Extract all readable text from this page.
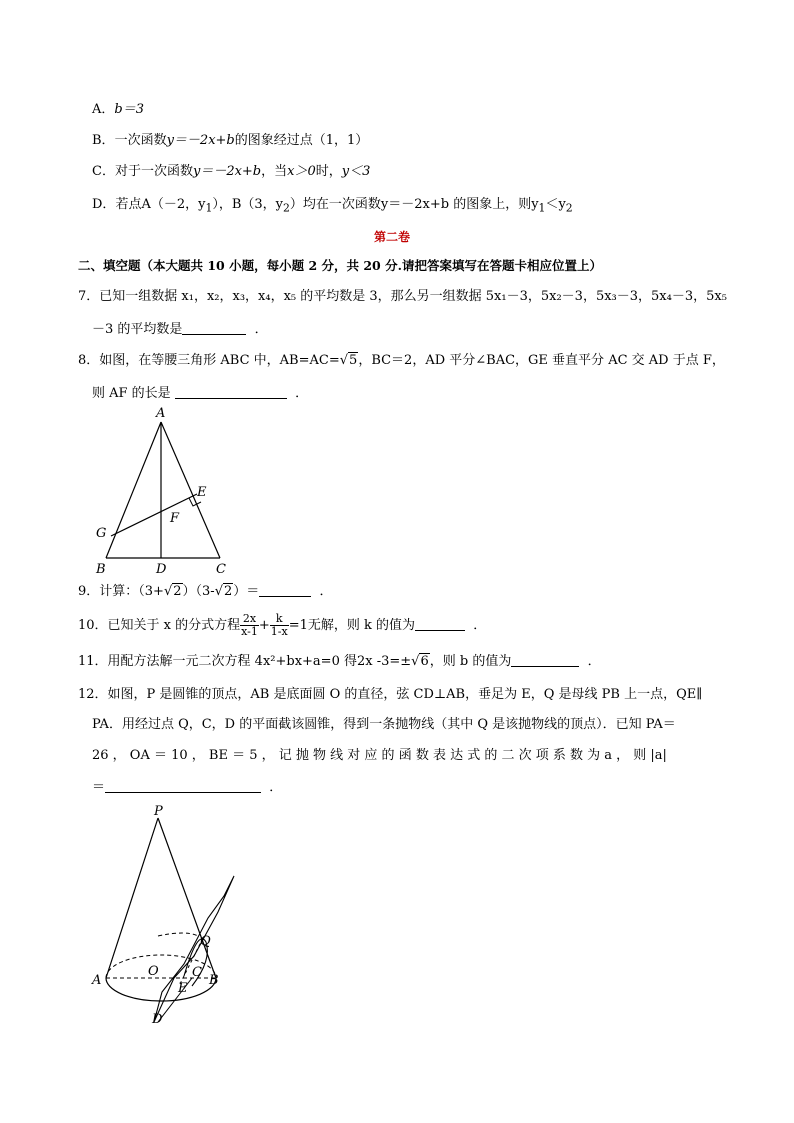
A．b＝3
B．一次函数y＝－2x+b的图象经过点（1，1）
C．对于一次函数y＝－2x+b，当x＞0时，y＜3
D．若点A（－2，$y_1$），B（3，$y_2$）均在一次函数y＝－2x+b 的图象上，则$y_1<y_2$
第二卷
二、填空题（本大题共 10 小题，每小题 2 分，共 20 分.请把答案填写在答题卡相应位置上）
7．已知一组数据 x₁，x₂，x₃，x₄，x₅ 的平均数是 3，那么另一组数据 5x₁－3，5x₂－3，5x₃－3，5x₄－3，5x₅
－3 的平均数是	．
8．如图，在等腰三角形 ABC 中，AB=AC=√5，BC＝2，AD 平分∠BAC，GE 垂直平分 AC 交 AD 于点 F，
则 AF 的长是	．
A
B	C
D
E
F
G
9．计算：（3+√2）（3-√2）＝	．
10．已知关于 x 的分式方程 $\frac{2x}{x-1} + \frac{k}{1-x} =1$无解，则 k 的值为	．
11．用配方法解一元二次方程 4x²+bx+a=0 得2x -3=±√6，则 b 的值为	．
12．如图，P 是圆锥的顶点，AB 是底面圆 O 的直径，弦 CD⊥AB，垂足为 E，Q 是母线 PB 上一点，QE∥
PA．用经过点 Q，C，D 的平面截该圆锥，得到一条抛物线（其中 Q 是该抛物线的顶点）．已知 PA＝
26 ， OA ＝ 10 ， BE ＝ 5 ， 记 抛 物 线 对 应 的 函 数 表 达 式 的 二 次 项 系 数 为 a ， 则 |a|
＝	．
P
Q
A
O	C
B
E
D
